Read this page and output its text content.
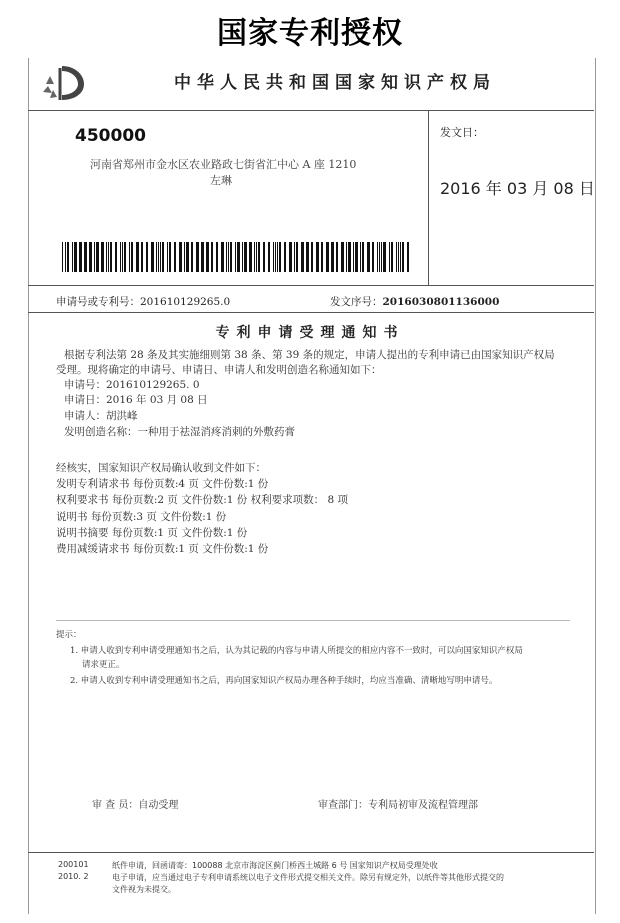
国家专利授权
中华人民共和国国家知识产权局
450000
河南省郑州市金水区农业路政七街省汇中心 A 座 1210
左琳
发文日：
2016 年 03 月 08 日
申请号或专利号：201610129265.0	发文序号：2016030801136000
专利申请受理通知书
根据专利法第 28 条及其实施细则第 38 条、第 39 条的规定，申请人提出的专利申请已由国家知识产权局
受理。现将确定的申请号、申请日、申请人和发明创造名称通知如下：
申请号：201610129265. 0
申请日：2016 年 03 月 08 日
申请人：胡洪峰
发明创造名称：一种用于祛湿消疼消刺的外敷药膏
经核实，国家知识产权局确认收到文件如下：
发明专利请求书 每份页数:4 页 文件份数:1 份
权利要求书 每份页数:2 页 文件份数:1 份 权利要求项数： 8 项
说明书 每份页数:3 页 文件份数:1 份
说明书摘要 每份页数:1 页 文件份数:1 份
费用减缓请求书 每份页数:1 页 文件份数:1 份
提示：
1. 申请人收到专利申请受理通知书之后，认为其记载的内容与申请人所提交的相应内容不一致时，可以向国家知识产权局
请求更正。
2. 申请人收到专利申请受理通知书之后，再向国家知识产权局办理各种手续时，均应当准确、清晰地写明申请号。
审 查 员：自动受理	审查部门：专利局初审及流程管理部
200101
2010. 2
纸件申请，回函请寄：100088 北京市海淀区蓟门桥西土城路 6 号 国家知识产权局受理处收
电子申请，应当通过电子专利申请系统以电子文件形式提交相关文件。除另有规定外，以纸件等其他形式提交的
文件视为未提交。
